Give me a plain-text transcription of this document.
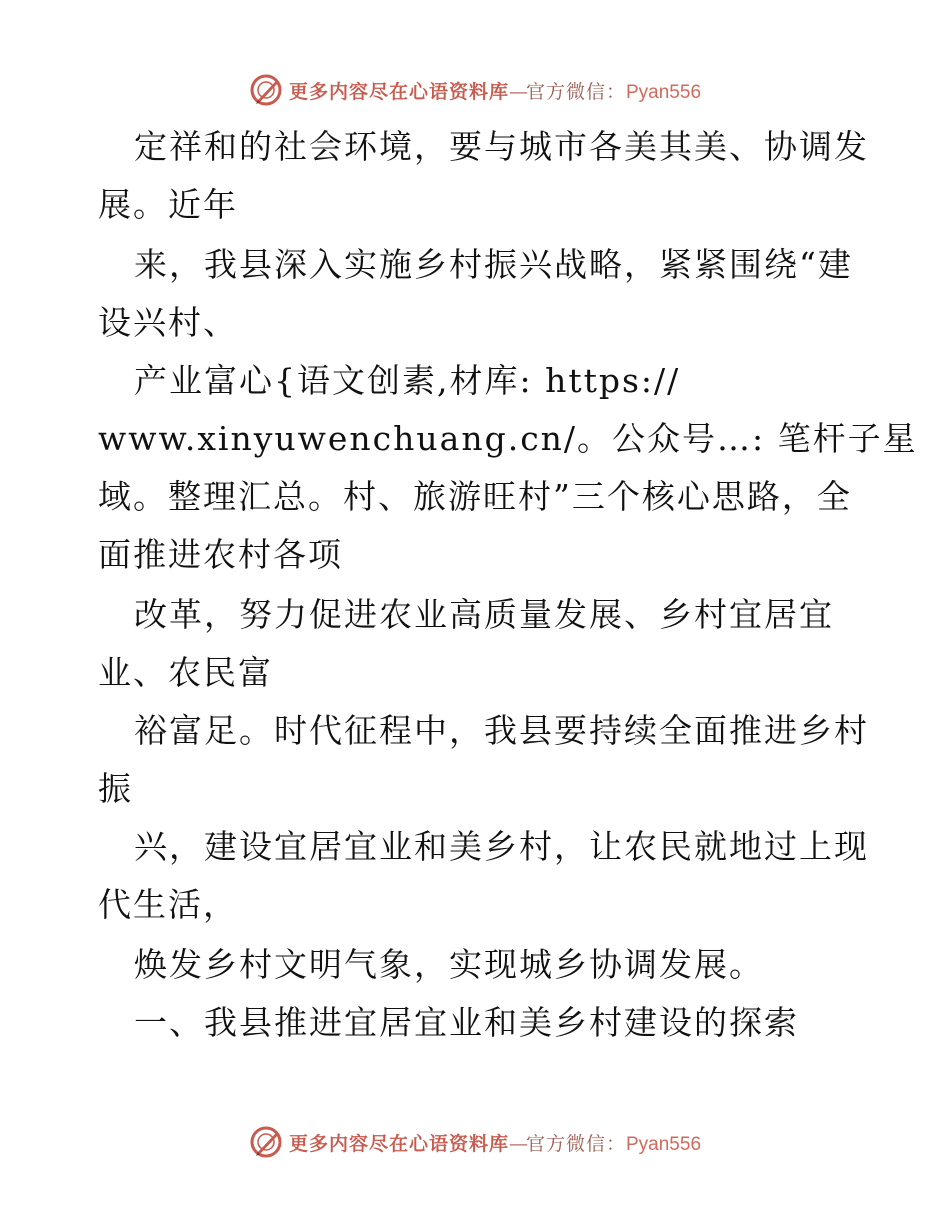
更多内容尽在心语资料库—官方微信：Pyan556
定祥和的社会环境，要与城市各美其美、协调发
展。近年
来，我县深入实施乡村振兴战略，紧紧围绕“建
设兴村、
产业富心{语文创素,材库: https://
www.xinyuwenchuang.cn/。公众号…: 笔杆子星
域。整理汇总。村、旅游旺村”三个核心思路，全
面推进农村各项
改革，努力促进农业高质量发展、乡村宜居宜
业、农民富
裕富足。时代征程中，我县要持续全面推进乡村
振
兴，建设宜居宜业和美乡村，让农民就地过上现
代生活，
焕发乡村文明气象，实现城乡协调发展。
一、我县推进宜居宜业和美乡村建设的探索
更多内容尽在心语资料库—官方微信：Pyan556
